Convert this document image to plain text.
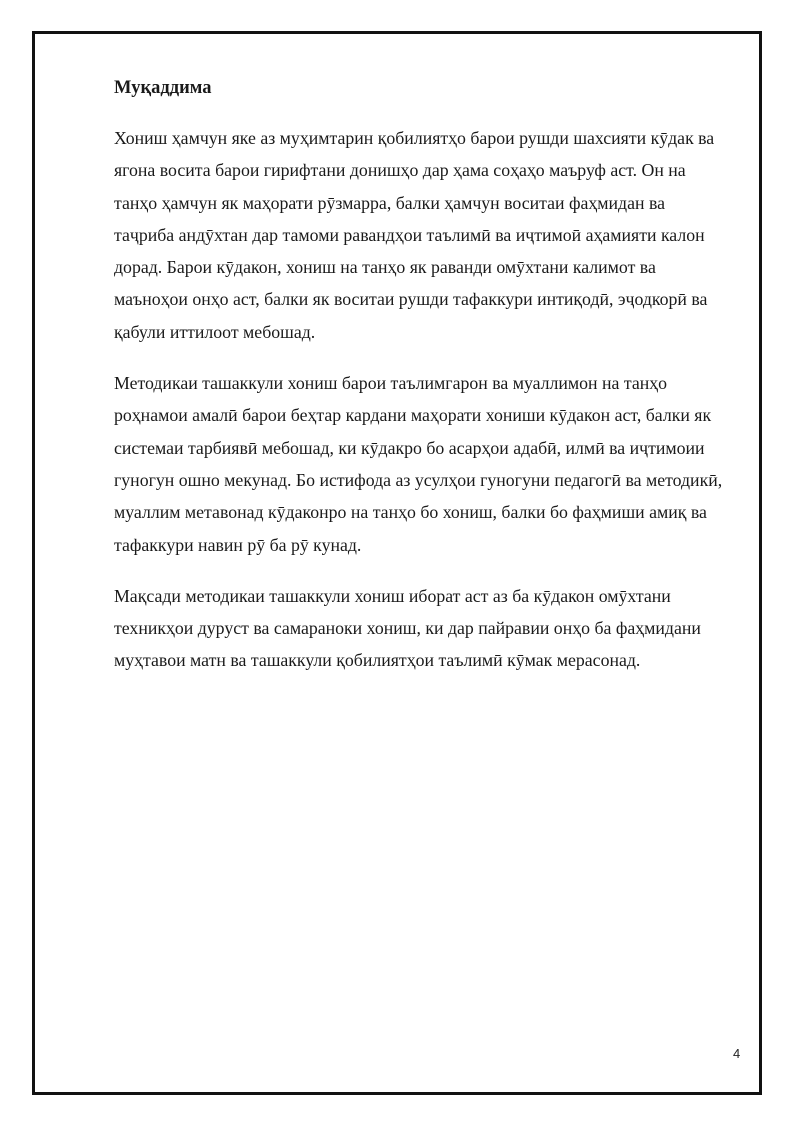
Муқаддима

Хониш ҳамчун яке аз муҳимтарин қобилиятҳо барои рушди шахсияти кӯдак ва ягона восита барои гирифтани донишҳо дар ҳама соҳаҳо маъруф аст. Он на танҳо ҳамчун як маҳорати рӯзмарра, балки ҳамчун воситаи фаҳмидан ва таҷриба андӯхтан дар тамоми равандҳои таълимӣ ва иҷтимоӣ аҳамияти калон дорад. Барои кӯдакон, хониш на танҳо як раванди омӯхтани калимот ва маъноҳои онҳо аст, балки як воситаи рушди тафаккури интиқодӣ, эҷодкорӣ ва қабули иттилоот мебошад.

Методикаи ташаккули хониш барои таълимгарон ва муаллимон на танҳо роҳнамои амалӣ барои беҳтар кардани маҳорати хониши кӯдакон аст, балки як системаи тарбиявӣ мебошад, ки кӯдакро бо асарҳои адабӣ, илмӣ ва иҷтимоии гуногун ошно мекунад. Бо истифода аз усулҳои гуногуни педагогӣ ва методикӣ, муаллим метавонад кӯдаконро на танҳо бо хониш, балки бо фаҳмиши амиқ ва тафаккури навин рӯ ба рӯ кунад.

Мақсади методикаи ташаккули хониш иборат аст аз ба кӯдакон омӯхтани техникҳои дуруст ва самараноки хониш, ки дар пайравии онҳо ба фаҳмидани муҳтавои матн ва ташаккули қобилиятҳои таълимӣ кӯмак мерасонад.

4
